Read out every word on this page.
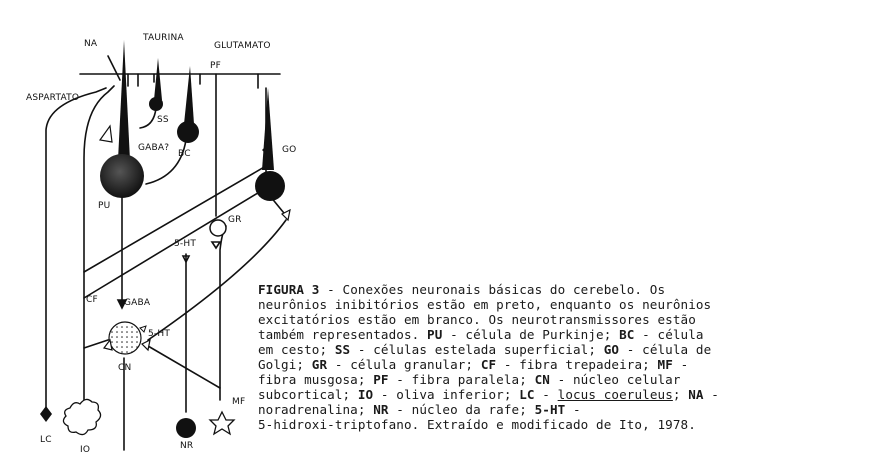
NA
TAURINA
GLUTAMATO
PF
ASPARTATO
SS
BC
GABA?	GO
PU
GR
5-HT
CF	GABA
5-HT
CN
MF
LC
IO	NR
FIGURA 3 - Conexões neuronais básicas do cerebelo. Os
neurônios inibitórios estão em preto, enquanto os neurônios
excitatórios estão em branco. Os neurotransmissores estão
também representados. PU - célula de Purkinje; BC - célula
em cesto; SS - células estelada superficial; GO - célula de
Golgi; GR - célula granular; CF - fibra trepadeira; MF -
fibra musgosa; PF - fibra paralela; CN - núcleo celular
subcortical; IO - oliva inferior; LC - locus coeruleus; NA -
noradrenalina; NR - núcleo da rafe; 5-HT -
5-hidroxi-triptofano. Extraído e modificado de Ito, 1978.
